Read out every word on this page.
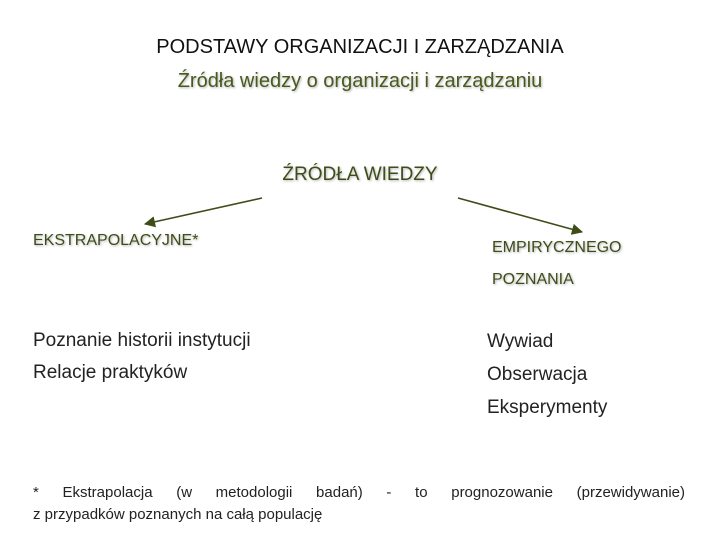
PODSTAWY ORGANIZACJI I ZARZĄDZANIA
Źródła wiedzy o organizacji i zarządzaniu
ŹRÓDŁA WIEDZY
EKSTRAPOLACYJNE*	EMPIRYCZNEGO
POZNANIA
Poznanie historii instytucji
Relacje praktyków
Wywiad
Obserwacja
Eksperymenty
* Ekstrapolacja (w metodologii badań) - to prognozowanie (przewidywanie)
z przypadków poznanych na całą populację
